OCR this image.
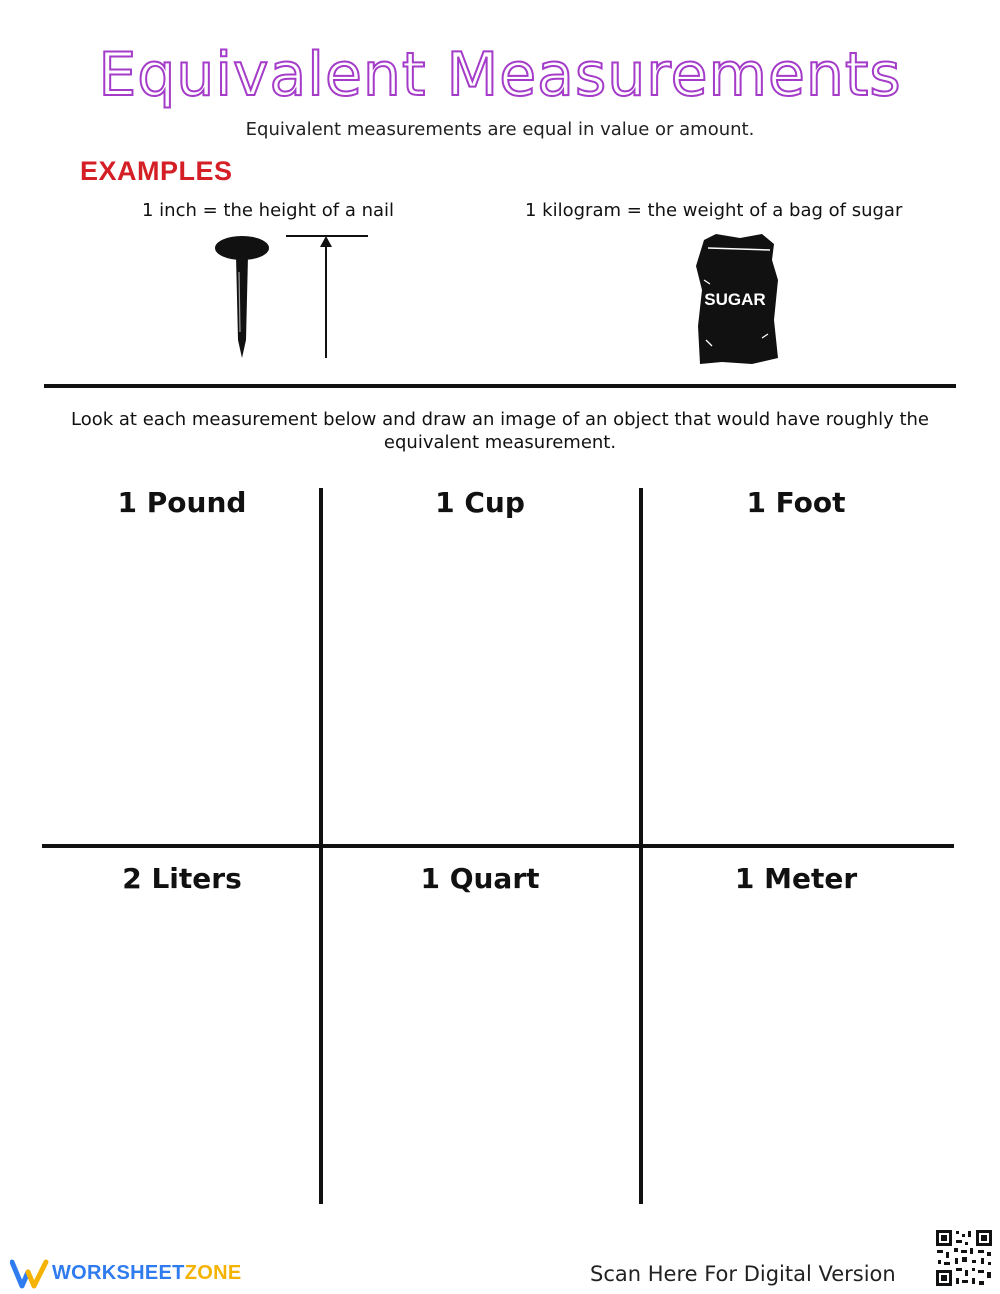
Equivalent Measurements
Equivalent measurements are equal in value or amount.
EXAMPLES
1 inch = the height of a nail	1 kilogram = the weight of a bag of sugar
SUGAR
Look at each measurement below and draw an image of an object that would have roughly the equivalent measurement.
1 Pound	1 Cup	1 Foot
2 Liters	1 Quart	1 Meter
WORKSHEETZONE	Scan Here For Digital Version
